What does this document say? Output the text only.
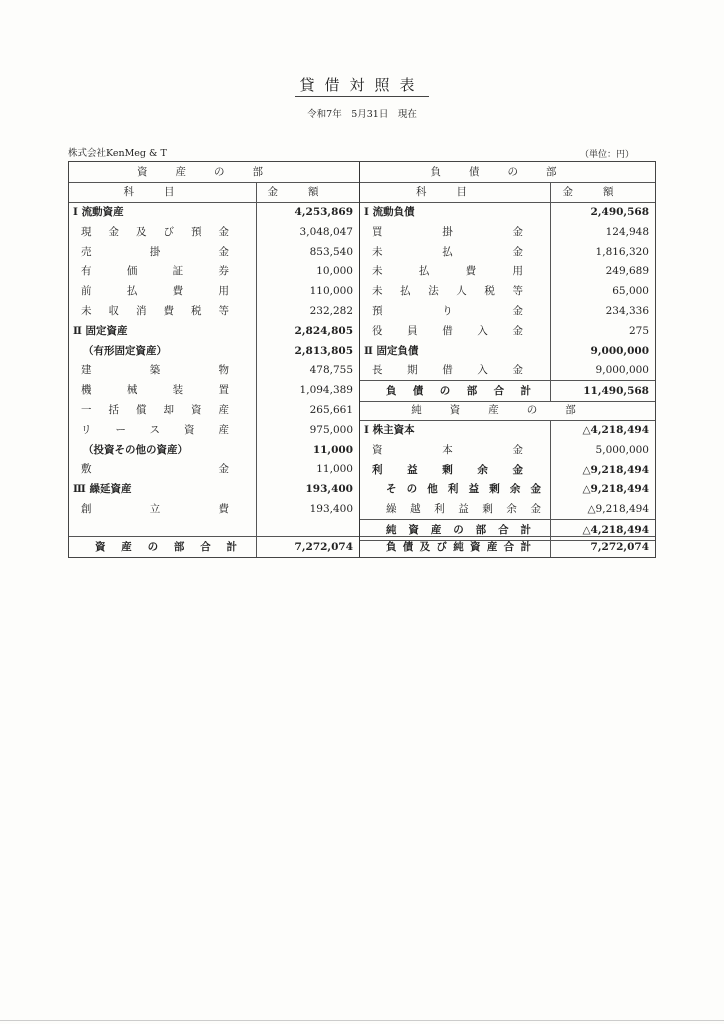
貸借対照表
令和7年　5月31日　現在
株式会社KenMeg & T	（単位：円）
資産の部
科目	金額
Ⅰ 流動資産	4,253,869
現金及び預金	3,048,047
売掛金	853,540
有価証券	10,000
前払費用	110,000
未収消費税等	232,282
Ⅱ 固定資産	2,824,805
（有形固定資産）	2,813,805
建築物	478,755
機械装置	1,094,389
一括償却資産	265,661
リース資産	975,000
（投資その他の資産）	11,000
敷金	11,000
Ⅲ 繰延資産	193,400
創立費	193,400
資産の部合計	7,272,074
負債の部
科目	金額
Ⅰ 流動負債	2,490,568
買掛金	124,948
未払金	1,816,320
未払費用	249,689
未払法人税等	65,000
預り金	234,336
役員借入金	275
Ⅱ 固定負債	9,000,000
長期借入金	9,000,000
負債の部合計	11,490,568
純資産の部
Ⅰ 株主資本	△4,218,494
資本金	5,000,000
利益剰余金	△9,218,494
その他利益剰余金	△9,218,494
繰越利益剰余金	△9,218,494
純資産の部合計	△4,218,494
負債及び純資産合計	7,272,074
